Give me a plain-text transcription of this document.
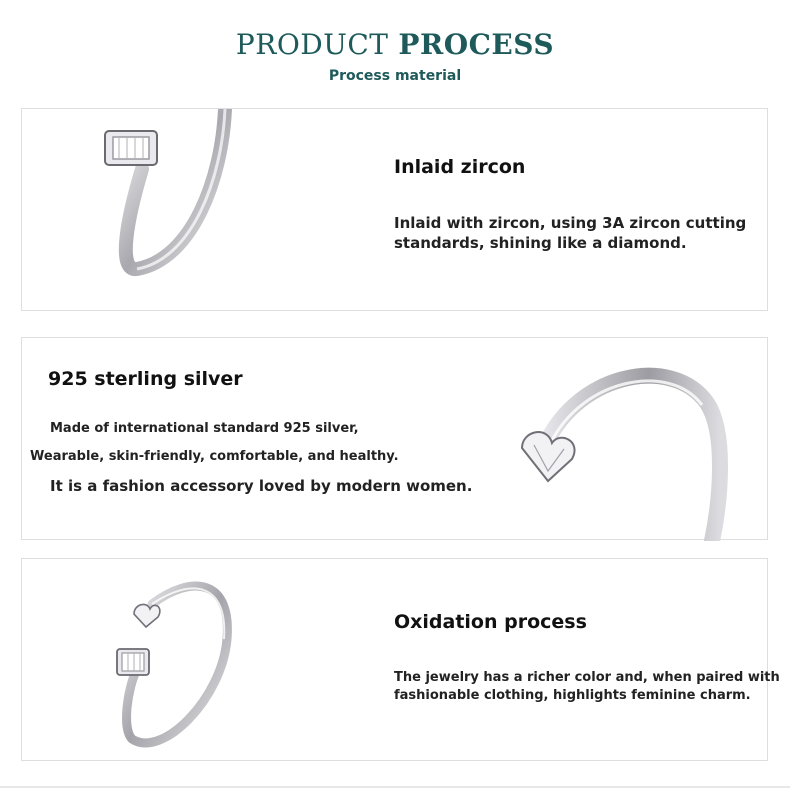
PRODUCT PROCESS
Process material
Inlaid zircon
Inlaid with zircon, using 3A zircon cutting
standards, shining like a diamond.
925 sterling silver
Made of international standard 925 silver,
Wearable, skin-friendly, comfortable, and healthy.
It is a fashion accessory loved by modern women.
Oxidation process
The jewelry has a richer color and, when paired with
fashionable clothing, highlights feminine charm.
